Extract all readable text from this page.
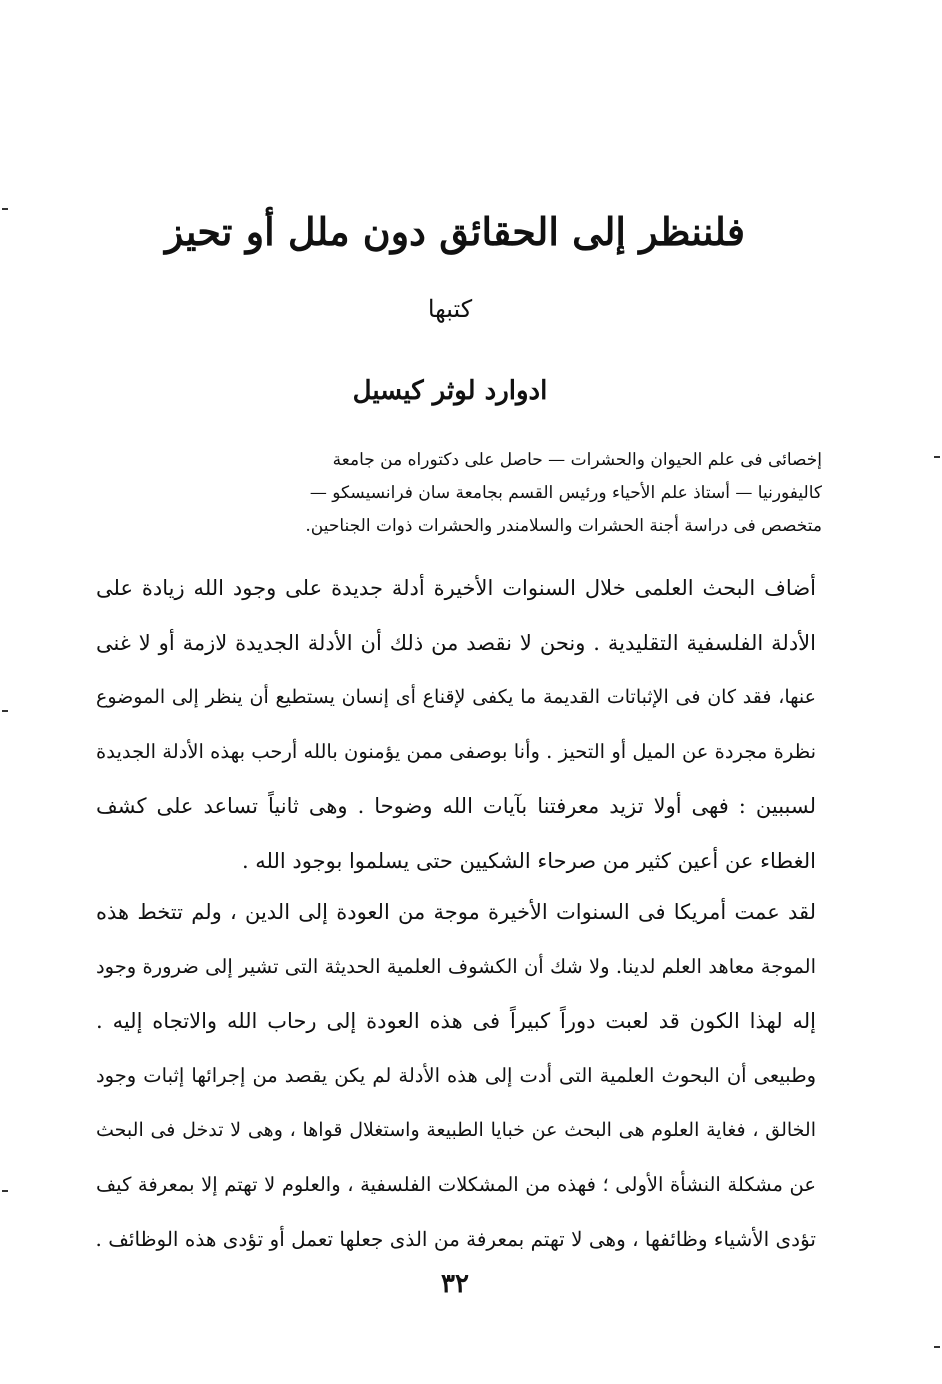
فلننظر إلى الحقائق دون ملل أو تحيز
كتبها
ادوارد لوثر كيسيل
إخصائى فى علم الحيوان والحشرات — حاصل على دكتوراه من جامعة
كاليفورنيا — أستاذ علم الأحياء ورئيس القسم بجامعة سان فرانسيسكو —
متخصص فى دراسة أجنة الحشرات والسلامندر والحشرات ذوات الجناحين.
أضاف البحث العلمى خلال السنوات الأخيرة أدلة جديدة على وجود الله زيادة على
الأدلة الفلسفية التقليدية . ونحن لا نقصد من ذلك أن الأدلة الجديدة لازمة أو لا غنى
عنها، فقد كان فى الإثباتات القديمة ما يكفى لإقناع أى إنسان يستطيع أن ينظر إلى الموضوع
نظرة مجردة عن الميل أو التحيز . وأنا بوصفى ممن يؤمنون بالله أرحب بهذه الأدلة الجديدة
لسببين : فهى أولا تزيد معرفتنا بآيات الله وضوحا . وهى ثانياً تساعد على كشف
الغطاء عن أعين كثير من صرحاء الشكيين حتى يسلموا بوجود الله .
لقد عمت أمريكا فى السنوات الأخيرة موجة من العودة إلى الدين ، ولم تتخط هذه
الموجة معاهد العلم لدينا. ولا شك أن الكشوف العلمية الحديثة التى تشير إلى ضرورة وجود
إله لهذا الكون قد لعبت دوراً كبيراً فى هذه العودة إلى رحاب الله والاتجاه إليه .
وطبيعى أن البحوث العلمية التى أدت إلى هذه الأدلة لم يكن يقصد من إجرائها إثبات وجود
الخالق ، فغاية العلوم هى البحث عن خبايا الطبيعة واستغلال قواها ، وهى لا تدخل فى البحث
عن مشكلة النشأة الأولى ؛ فهذه من المشكلات الفلسفية ، والعلوم لا تهتم إلا بمعرفة كيف
تؤدى الأشياء وظائفها ، وهى لا تهتم بمعرفة من الذى جعلها تعمل أو تؤدى هذه الوظائف .
٣٢
